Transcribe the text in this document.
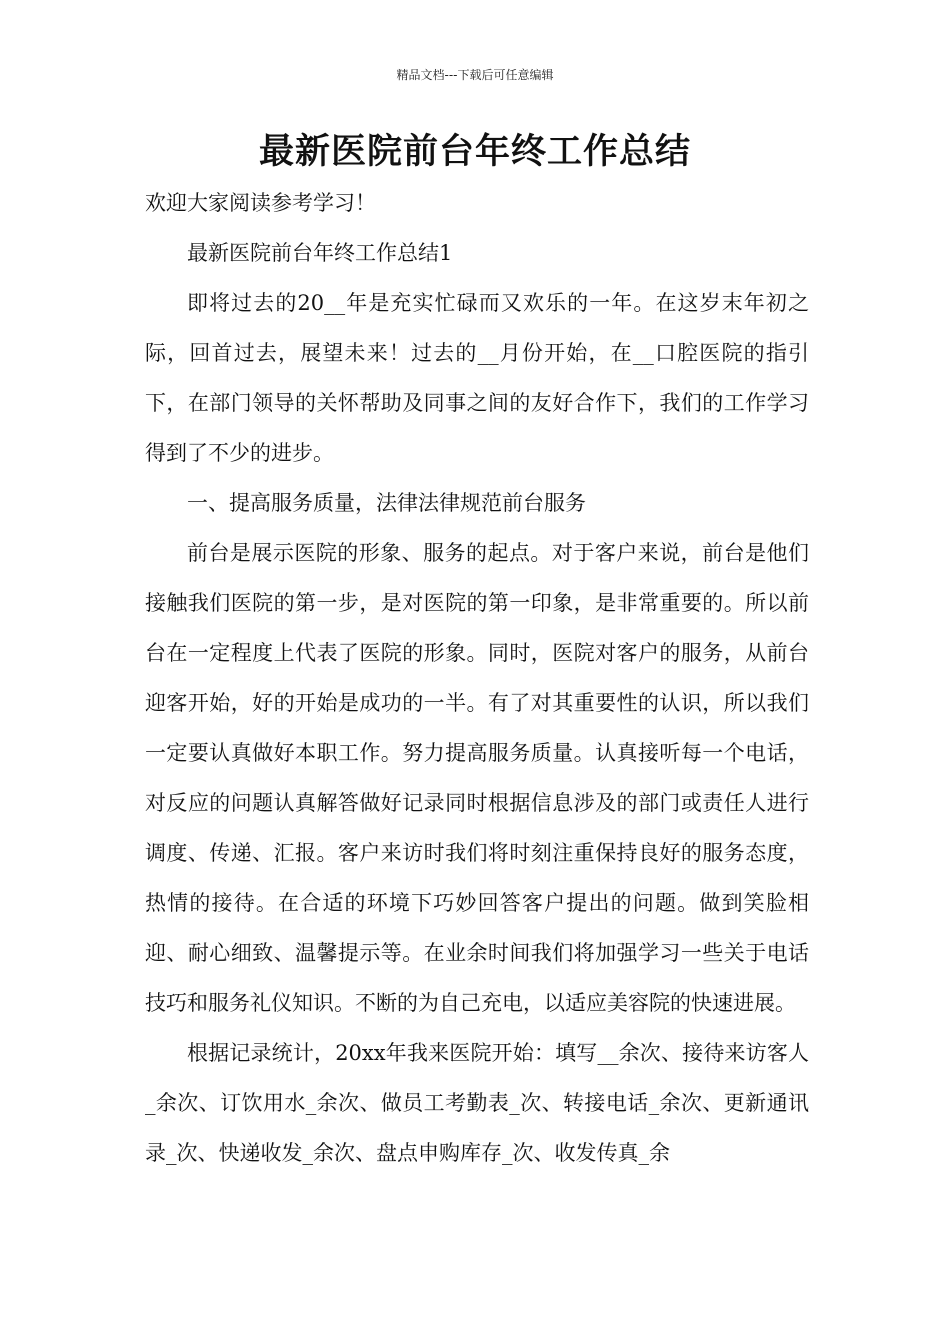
精品文档---下载后可任意编辑
最新医院前台年终工作总结

欢迎大家阅读参考学习！

最新医院前台年终工作总结1

即将过去的20__年是充实忙碌而又欢乐的一年。在这岁末年初之际，回首过去，展望未来！过去的__月份开始，在__口腔医院的指引下，在部门领导的关怀帮助及同事之间的友好合作下，我们的工作学习得到了不少的进步。

一、提高服务质量，法律法律规范前台服务

前台是展示医院的形象、服务的起点。对于客户来说，前台是他们接触我们医院的第一步，是对医院的第一印象，是非常重要的。所以前台在一定程度上代表了医院的形象。同时，医院对客户的服务，从前台迎客开始，好的开始是成功的一半。有了对其重要性的认识，所以我们一定要认真做好本职工作。努力提高服务质量。认真接听每一个电话，对反应的问题认真解答做好记录同时根据信息涉及的部门或责任人进行调度、传递、汇报。客户来访时我们将时刻注重保持良好的服务态度，热情的接待。在合适的环境下巧妙回答客户提出的问题。做到笑脸相迎、耐心细致、温馨提示等。在业余时间我们将加强学习一些关于电话技巧和服务礼仪知识。不断的为自己充电，以适应美容院的快速进展。

根据记录统计，20xx年我来医院开始：填写__余次、接待来访客人_余次、订饮用水_余次、做员工考勤表_次、转接电话_余次、更新通讯录_次、快递收发_余次、盘点申购库存_次、收发传真_余
